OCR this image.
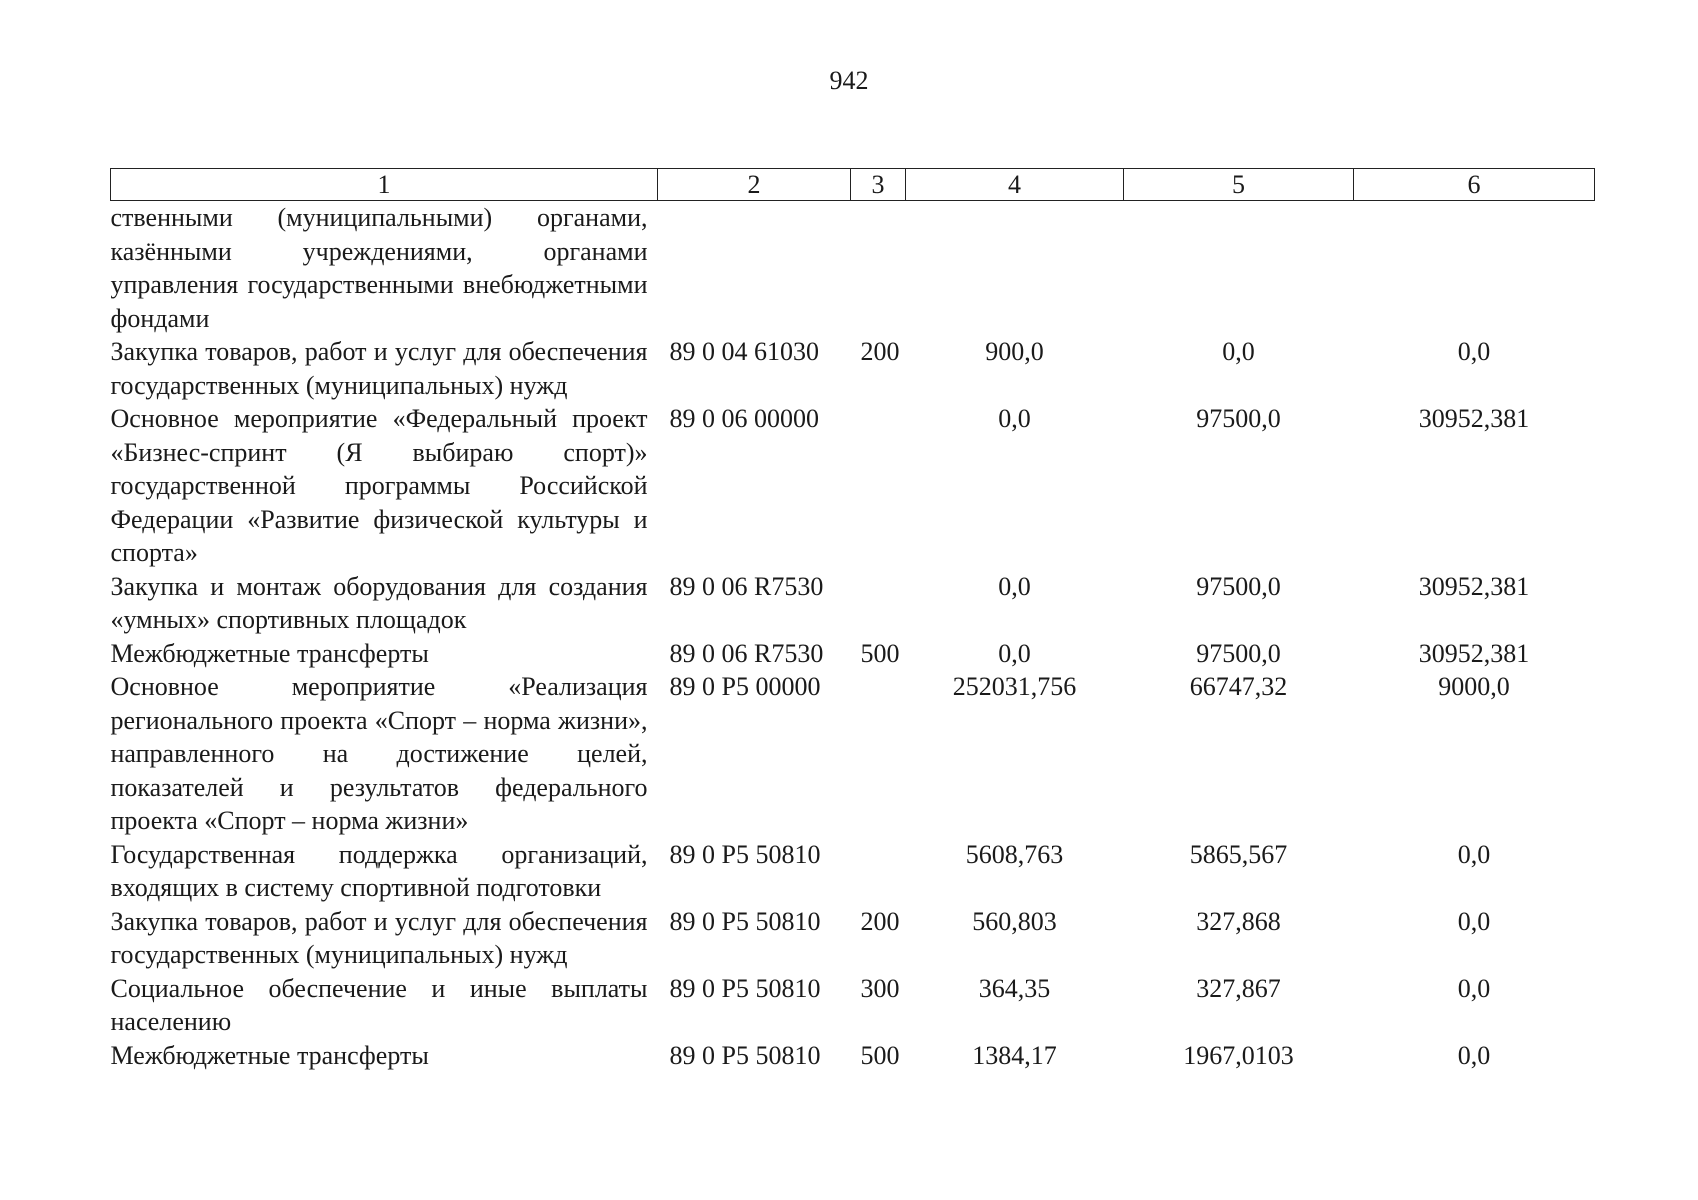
942
1	2	3	4	5	6
ственными (муниципальными) органами, казёнными учреждениями, органами управления государственными внебюджетными фондами					
Закупка товаров, работ и услуг для обеспечения государственных (муниципальных) нужд	89 0 04 61030	200	900,0	0,0	0,0
Основное мероприятие «Федеральный проект «Бизнес-спринт (Я выбираю спорт)» государственной программы Российской Федерации «Развитие физической культуры и спорта»	89 0 06 00000		0,0	97500,0	30952,381
Закупка и монтаж оборудования для создания «умных» спортивных площадок	89 0 06 R7530		0,0	97500,0	30952,381
Межбюджетные трансферты	89 0 06 R7530	500	0,0	97500,0	30952,381
Основное мероприятие «Реализация регионального проекта «Спорт – норма жизни», направленного на достижение целей, показателей и результатов федерального проекта «Спорт – норма жизни»	89 0 Р5 00000		252031,756	66747,32	9000,0
Государственная поддержка организаций, входящих в систему спортивной подготовки	89 0 Р5 50810		5608,763	5865,567	0,0
Закупка товаров, работ и услуг для обеспечения государственных (муниципальных) нужд	89 0 Р5 50810	200	560,803	327,868	0,0
Социальное обеспечение и иные выплаты населению	89 0 Р5 50810	300	364,35	327,867	0,0
Межбюджетные трансферты	89 0 Р5 50810	500	1384,17	1967,0103	0,0
